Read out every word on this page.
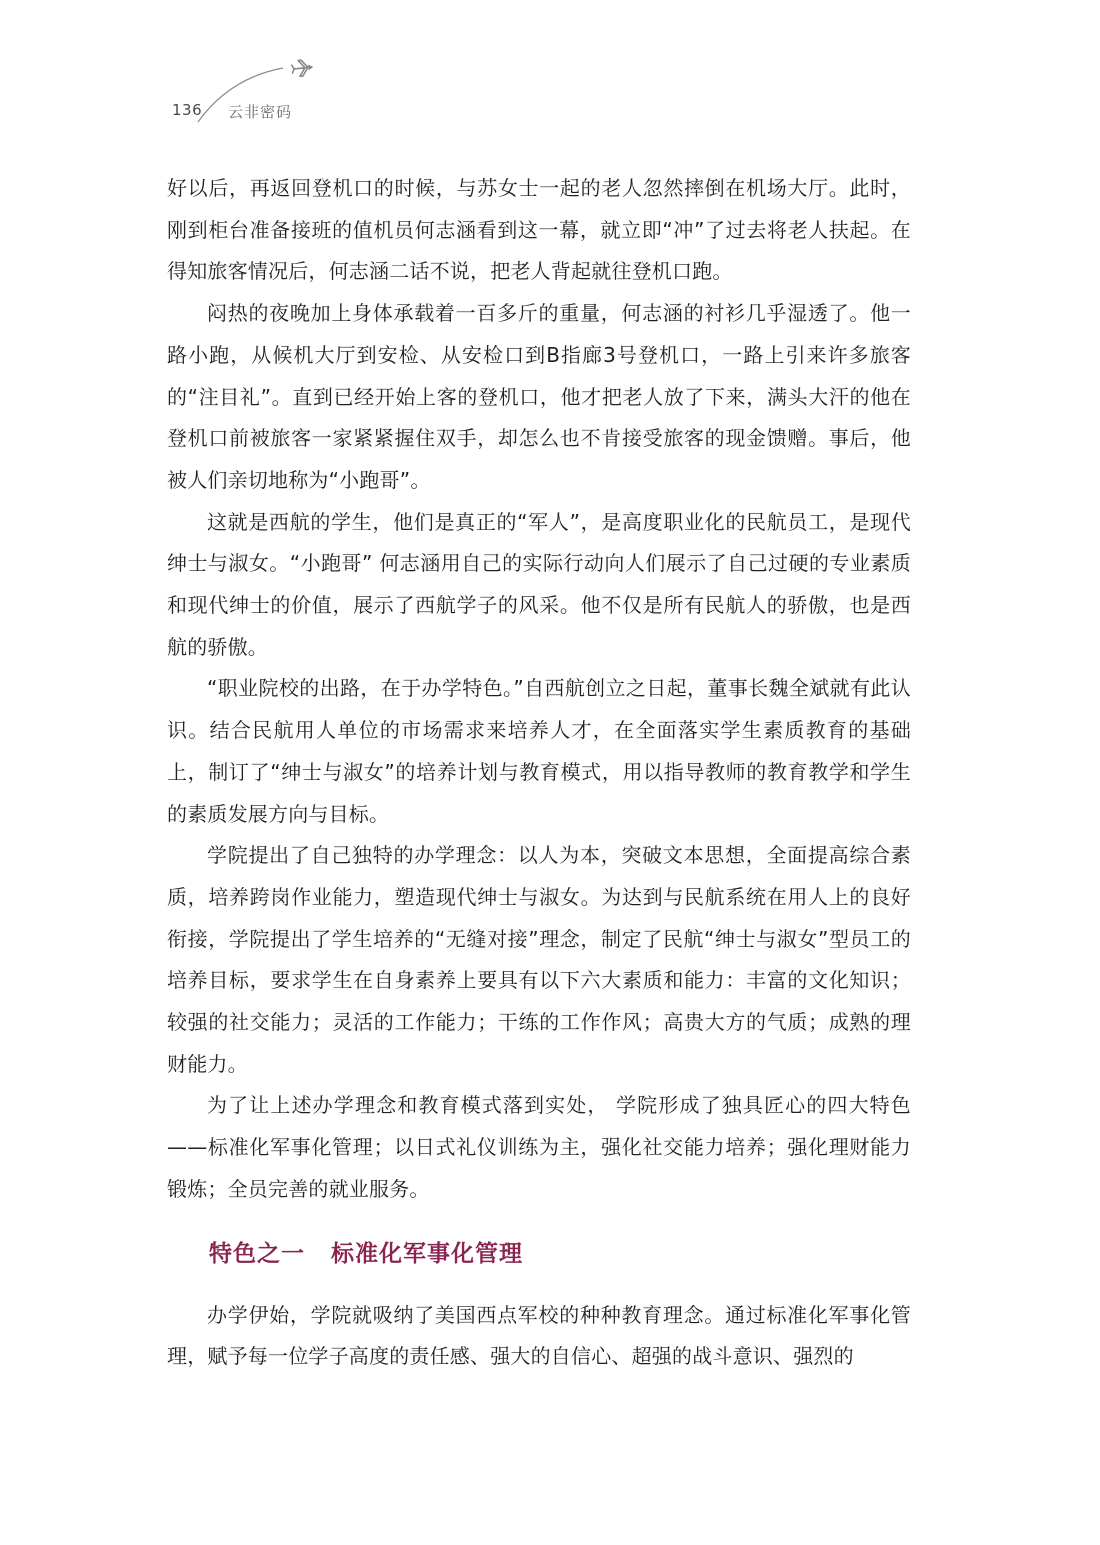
136 云非密码

好以后，再返回登机口的时候，与苏女士一起的老人忽然摔倒在机场大厅。此时，刚到柜台准备接班的值机员何志涵看到这一幕，就立即“冲”了过去将老人扶起。在得知旅客情况后，何志涵二话不说，把老人背起就往登机口跑。

闷热的夜晚加上身体承载着一百多斤的重量，何志涵的衬衫几乎湿透了。他一路小跑，从候机大厅到安检、从安检口到B指廊3号登机口，一路上引来许多旅客的“注目礼”。直到已经开始上客的登机口，他才把老人放了下来，满头大汗的他在登机口前被旅客一家紧紧握住双手，却怎么也不肯接受旅客的现金馈赠。事后，他被人们亲切地称为“小跑哥”。

这就是西航的学生，他们是真正的“军人”，是高度职业化的民航员工，是现代绅士与淑女。“小跑哥” 何志涵用自己的实际行动向人们展示了自己过硬的专业素质和现代绅士的价值，展示了西航学子的风采。他不仅是所有民航人的骄傲，也是西航的骄傲。

“职业院校的出路，在于办学特色。”自西航创立之日起，董事长魏全斌就有此认识。结合民航用人单位的市场需求来培养人才，在全面落实学生素质教育的基础上，制订了“绅士与淑女”的培养计划与教育模式，用以指导教师的教育教学和学生的素质发展方向与目标。

学院提出了自己独特的办学理念：以人为本，突破文本思想，全面提高综合素质，培养跨岗作业能力，塑造现代绅士与淑女。为达到与民航系统在用人上的良好衔接，学院提出了学生培养的“无缝对接”理念，制定了民航“绅士与淑女”型员工的培养目标，要求学生在自身素养上要具有以下六大素质和能力：丰富的文化知识；较强的社交能力；灵活的工作能力；干练的工作作风；高贵大方的气质；成熟的理财能力。

为了让上述办学理念和教育模式落到实处， 学院形成了独具匠心的四大特色——标准化军事化管理；以日式礼仪训练为主，强化社交能力培养；强化理财能力锻炼；全员完善的就业服务。

特色之一 标准化军事化管理

办学伊始，学院就吸纳了美国西点军校的种种教育理念。通过标准化军事化管理，赋予每一位学子高度的责任感、强大的自信心、超强的战斗意识、强烈的
